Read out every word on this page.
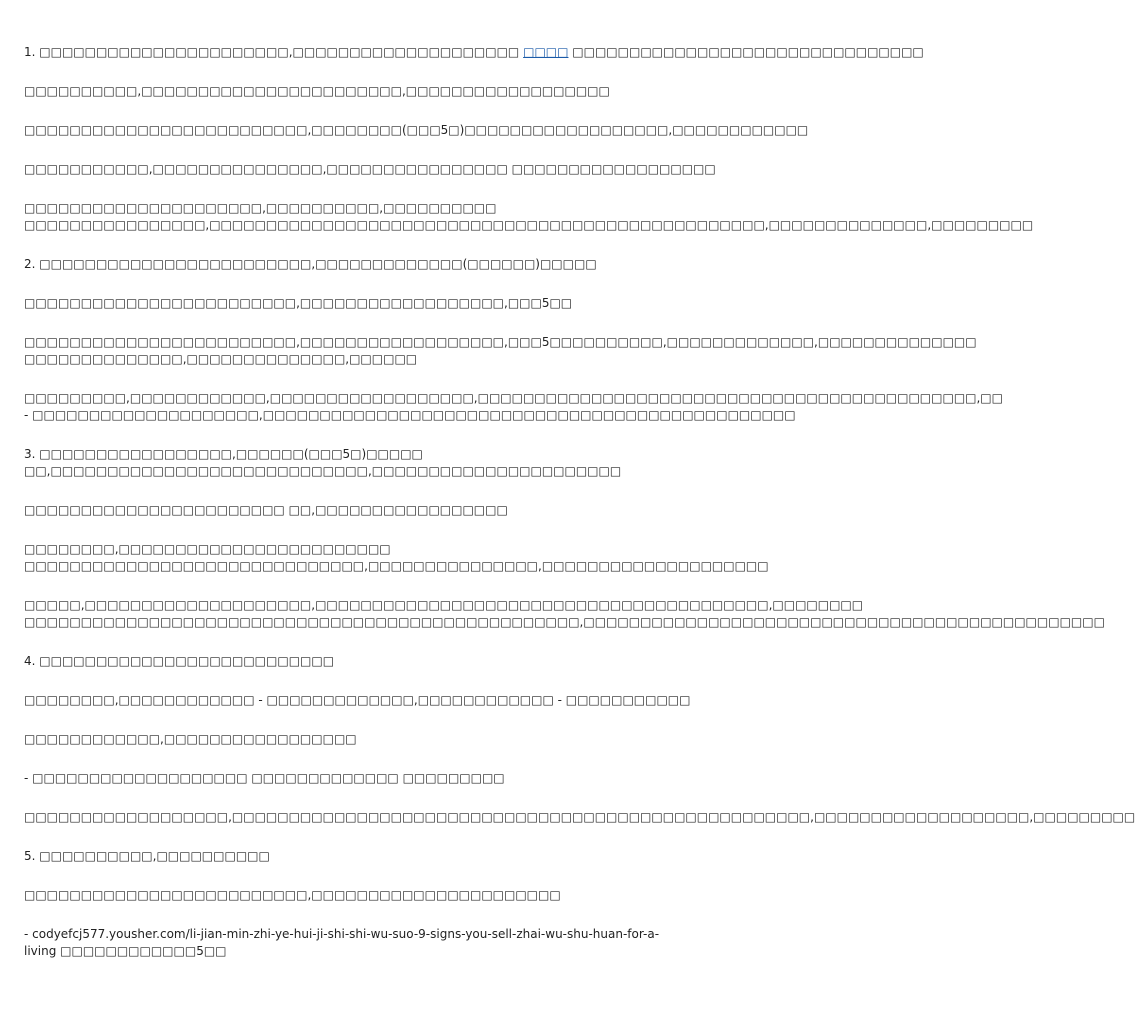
1. □□□□□□□□□□□□□□□□□□□□□□,□□□□□□□□□□□□□□□□□□□□ □□□□ □□□□□□□□□□□□□□□□□□□□□□□□□□□□□□□
□□□□□□□□□□,□□□□□□□□□□□□□□□□□□□□□□□,□□□□□□□□□□□□□□□□□□
□□□□□□□□□□□□□□□□□□□□□□□□□,□□□□□□□□(□□□5□)□□□□□□□□□□□□□□□□□□,□□□□□□□□□□□□
□□□□□□□□□□□,□□□□□□□□□□□□□□□,□□□□□□□□□□□□□□□□ □□□□□□□□□□□□□□□□□□
□□□□□□□□□□□□□□□□□□□□□,□□□□□□□□□□,□□□□□□□□□□
□□□□□□□□□□□□□□□□,□□□□□□□□□□□□□□□□□□□□□□□□□□□□□□□□□□□□□□□□□□□□□□□□□,□□□□□□□□□□□□□□,□□□□□□□□□
2. □□□□□□□□□□□□□□□□□□□□□□□□,□□□□□□□□□□□□□(□□□□□□)□□□□□
□□□□□□□□□□□□□□□□□□□□□□□□,□□□□□□□□□□□□□□□□□□,□□□5□□
□□□□□□□□□□□□□□□□□□□□□□□□,□□□□□□□□□□□□□□□□□□,□□□5□□□□□□□□□□,□□□□□□□□□□□□□,□□□□□□□□□□□□□□
□□□□□□□□□□□□□□,□□□□□□□□□□□□□□,□□□□□□
□□□□□□□□□,□□□□□□□□□□□□,□□□□□□□□□□□□□□□□□□,□□□□□□□□□□□□□□□□□□□□□□□□□□□□□□□□□□□□□□□□□□□□,□□
- □□□□□□□□□□□□□□□□□□□□,□□□□□□□□□□□□□□□□□□□□□□□□□□□□□□□□□□□□□□□□□□□□□□□
3. □□□□□□□□□□□□□□□□□,□□□□□□(□□□5□)□□□□□
□□,□□□□□□□□□□□□□□□□□□□□□□□□□□□□,□□□□□□□□□□□□□□□□□□□□□□
□□□□□□□□□□□□□□□□□□□□□□□ □□,□□□□□□□□□□□□□□□□□
□□□□□□□□,□□□□□□□□□□□□□□□□□□□□□□□□
□□□□□□□□□□□□□□□□□□□□□□□□□□□□□□,□□□□□□□□□□□□□□□,□□□□□□□□□□□□□□□□□□□□
□□□□□,□□□□□□□□□□□□□□□□□□□□,□□□□□□□□□□□□□□□□□□□□□□□□□□□□□□□□□□□□□□□□,□□□□□□□□
□□□□□□□□□□□□□□□□□□□□□□□□□□□□□□□□□□□□□□□□□□□□□□□□□,□□□□□□□□□□□□□□□□□□□□□□□□□□□□□□□□□□□□□□□□□□□□□□
4. □□□□□□□□□□□□□□□□□□□□□□□□□□
□□□□□□□□,□□□□□□□□□□□□ - □□□□□□□□□□□□□,□□□□□□□□□□□□ - □□□□□□□□□□□
□□□□□□□□□□□□,□□□□□□□□□□□□□□□□□
- □□□□□□□□□□□□□□□□□□□ □□□□□□□□□□□□□ □□□□□□□□□
□□□□□□□□□□□□□□□□□□,□□□□□□□□□□□□□□□□□□□□□□□□□□□□□□□□□□□□□□□□□□□□□□□□□□□,□□□□□□□□□□□□□□□□□□□,□□□□□□□□□
5. □□□□□□□□□□,□□□□□□□□□□
□□□□□□□□□□□□□□□□□□□□□□□□□,□□□□□□□□□□□□□□□□□□□□□□
- codyefcj577.yousher.com/li-jian-min-zhi-ye-hui-ji-shi-shi-wu-suo-9-signs-you-sell-zhai-wu-shu-huan-for-a-
living □□□□□□□□□□□□5□□
